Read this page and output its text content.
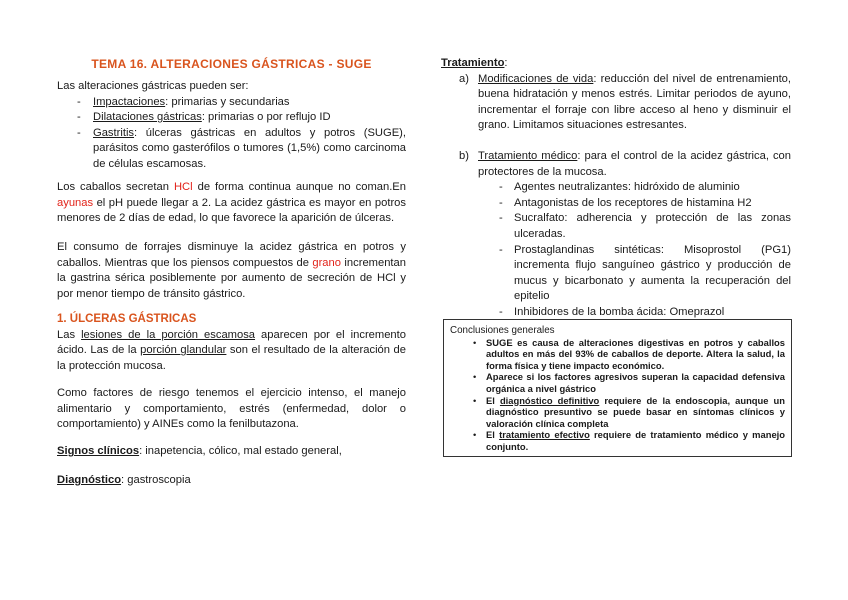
TEMA 16. ALTERACIONES GÁSTRICAS - SUGE
Las alteraciones gástricas pueden ser:
- Impactaciones: primarias y secundarias
- Dilataciones gástricas: primarias o por reflujo ID
- Gastritis: úlceras gástricas en adultos y potros (SUGE), parásitos como gasterófilos o tumores (1,5%) como carcinoma de células escamosas.
Los caballos secretan HCl de forma continua aunque no coman.En ayunas el pH puede llegar a 2. La acidez gástrica es mayor en potros menores de 2 días de edad, lo que favorece la aparición de úlceras.
El consumo de forrajes disminuye la acidez gástrica en potros y caballos. Mientras que los piensos compuestos de grano incrementan la gastrina sérica posiblemente por aumento de secreción de HCl y por menor tiempo de tránsito gástrico.
1. ÚLCERAS GÁSTRICAS
Las lesiones de la porción escamosa aparecen por el incremento ácido. Las de la porción glandular son el resultado de la alteración de la protección mucosa.
Como factores de riesgo tenemos el ejercicio intenso, el manejo alimentario y comportamiento, estrés (enfermedad, dolor o comportamiento) y AINEs como la fenilbutazona.
Signos clínicos: inapetencia, cólico, mal estado general,
Diagnóstico: gastroscopia
Tratamiento:
a) Modificaciones de vida: reducción del nivel de entrenamiento, buena hidratación y menos estrés. Limitar periodos de ayuno, incrementar el forraje con libre acceso al heno y disminuir el grano. Limitamos situaciones estresantes.
b) Tratamiento médico: para el control de la acidez gástrica, con protectores de la mucosa.
- Agentes neutralizantes: hidróxido de aluminio
- Antagonistas de los receptores de histamina H2
- Sucralfato: adherencia y protección de las zonas ulceradas.
- Prostaglandinas sintéticas: Misoprostol (PG1) incrementa flujo sanguíneo gástrico y producción de mucus y bicarbonato y aumenta la recuperación del epitelio
- Inhibidores de la bomba ácida: Omeprazol
Conclusiones generales
• SUGE es causa de alteraciones digestivas en potros y caballos adultos en más del 93% de caballos de deporte. Altera la salud, la forma física y tiene impacto económico.
• Aparece si los factores agresivos superan la capacidad defensiva orgánica a nivel gástrico
• El diagnóstico definitivo requiere de la endoscopia, aunque un diagnóstico presuntivo se puede basar en síntomas clínicos y valoración clínica completa
• El tratamiento efectivo requiere de tratamiento médico y manejo conjunto.
